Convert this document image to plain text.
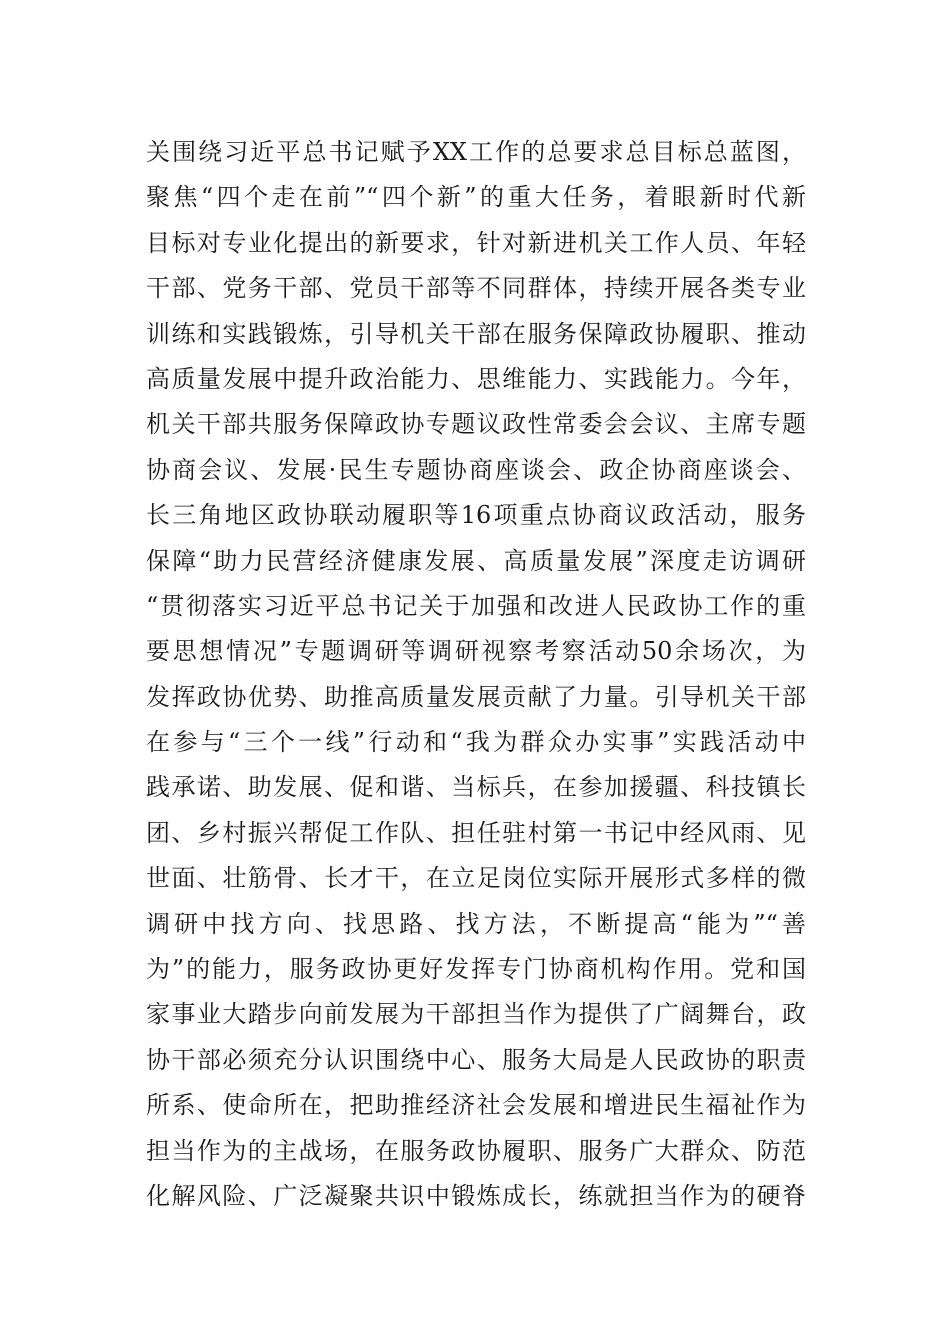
关围绕习近平总书记赋予XX工作的总要求总目标总蓝图，
聚焦“四个走在前”“四个新”的重大任务，着眼新时代新
目标对专业化提出的新要求，针对新进机关工作人员、年轻
干部、党务干部、党员干部等不同群体，持续开展各类专业
训练和实践锻炼，引导机关干部在服务保障政协履职、推动
高质量发展中提升政治能力、思维能力、实践能力。今年，
机关干部共服务保障政协专题议政性常委会会议、主席专题
协商会议、发展·民生专题协商座谈会、政企协商座谈会、
长三角地区政协联动履职等16项重点协商议政活动，服务
保障“助力民营经济健康发展、高质量发展”深度走访调研
“贯彻落实习近平总书记关于加强和改进人民政协工作的重
要思想情况”专题调研等调研视察考察活动50余场次，为
发挥政协优势、助推高质量发展贡献了力量。引导机关干部
在参与“三个一线”行动和“我为群众办实事”实践活动中
践承诺、助发展、促和谐、当标兵，在参加援疆、科技镇长
团、乡村振兴帮促工作队、担任驻村第一书记中经风雨、见
世面、壮筋骨、长才干，在立足岗位实际开展形式多样的微
调研中找方向、找思路、找方法，不断提高“能为”“善
为”的能力，服务政协更好发挥专门协商机构作用。党和国
家事业大踏步向前发展为干部担当作为提供了广阔舞台，政
协干部必须充分认识围绕中心、服务大局是人民政协的职责
所系、使命所在，把助推经济社会发展和增进民生福祉作为
担当作为的主战场，在服务政协履职、服务广大群众、防范
化解风险、广泛凝聚共识中锻炼成长，练就担当作为的硬脊
